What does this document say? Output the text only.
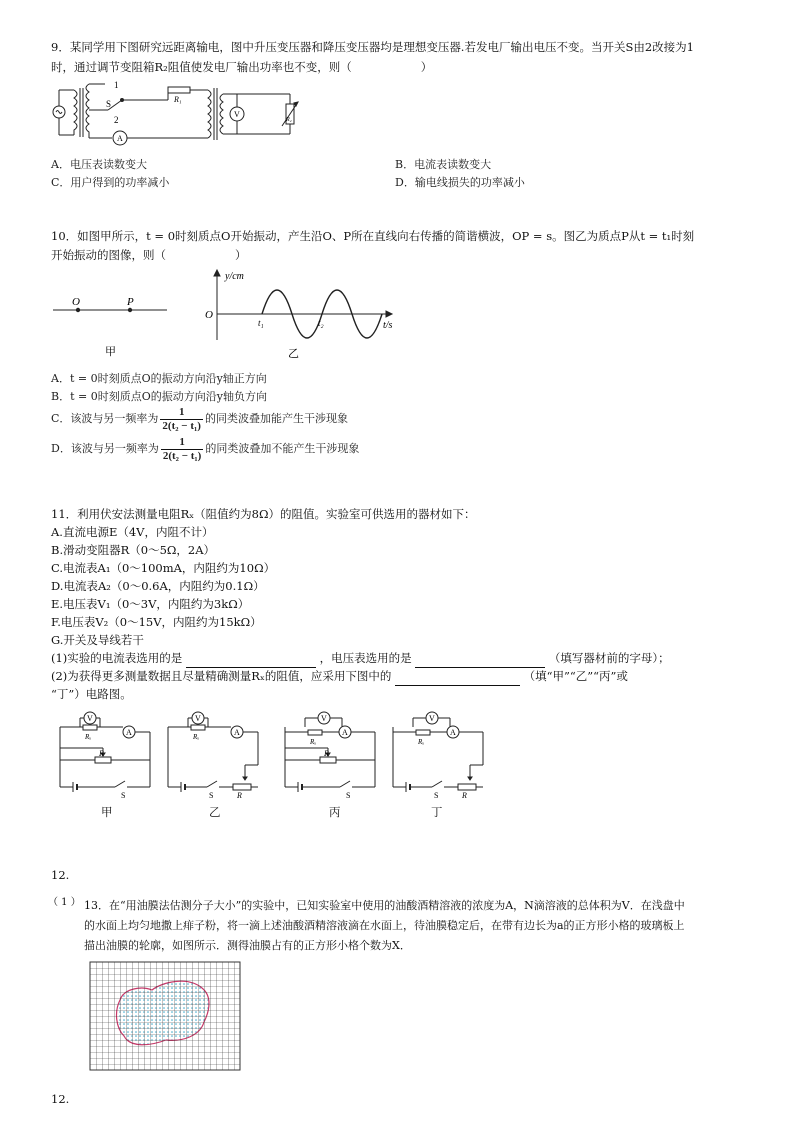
9．某同学用下图研究远距离输电，图中升压变压器和降压变压器均是理想变压器.若发电厂输出电压不变。当开关S由2改接为1
时，通过调节变阻箱R₂阻值使发电厂输出功率也不变，则（　　　　　　）
1
S
2
R₁
A
V
R₂
A．电压表读数变大	B．电流表读数变大
C．用户得到的功率减小	D．输电线损失的功率减小
10．如图甲所示，t = 0时刻质点O开始振动，产生沿O、P所在直线向右传播的简谐横波，OP = s。图乙为质点P从t = t₁时刻
开始振动的图像，则（　　　　　　）
O	P
甲
y/cm
O
t₁	t₂	t/s
乙
A．t = 0时刻质点O的振动方向沿y轴正方向
B．t = 0时刻质点O的振动方向沿y轴负方向
C．该波与另一频率为 $\frac{1}{\text{2(t₂ − t₁)}}$ 的同类波叠加能产生干涉现象
D．该波与另一频率为 $\frac{1}{\text{2(t₂ − t₁)}}$ 的同类波叠加不能产生干涉现象
11．利用伏安法测量电阻Rₓ（阻值约为8Ω）的阻值。实验室可供选用的器材如下：
A.直流电源E（4V，内阻不计）
B.滑动变阻器R（0～5Ω，2A）
C.电流表A₁（0～100mA，内阻约为10Ω）
D.电流表A₂（0～0.6A，内阻约为0.1Ω）
E.电压表V₁（0～3V，内阻约为3kΩ）
F.电压表V₂（0～15V，内阻约为15kΩ）
G.开关及导线若干
(1)实验的电流表选用的是	，电压表选用的是	（填写器材前的字母）；
(2)为获得更多测量数据且尽量精确测量Rₓ的阻值，应采用下图中的	（填“甲”“乙”“丙”或
“丁”）电路图。
V
A
Rₓ
R
S
V
A
Rₓ
R
S
V
A
Rₓ
R
S
V
A
Rₓ
R
S
甲	乙	丙	丁
12.
（ 1 ） 13．在“用油膜法估测分子大小”的实验中，已知实验室中使用的油酸酒精溶液的浓度为A，N滴溶液的总体积为V．在浅盘中
的水面上均匀地撒上痱子粉，将一滴上述油酸酒精溶液滴在水面上，待油膜稳定后，在带有边长为a的正方形小格的玻璃板上
描出油膜的轮廓，如图所示．测得油膜占有的正方形小格个数为X．
12.
